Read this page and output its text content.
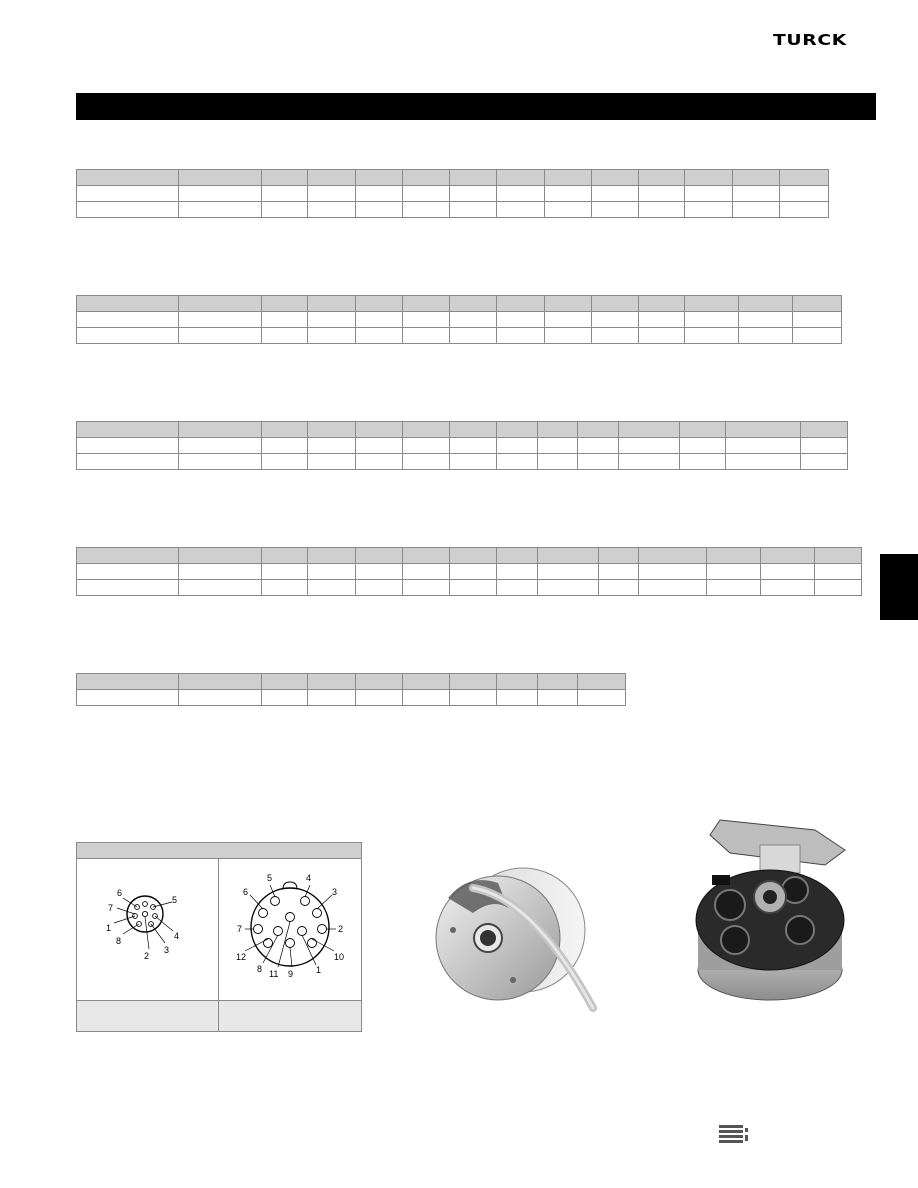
TURCK

5
6
7
1
8
2
3
4
5	4
6	3
7	2
12	10
8 11 9	1
